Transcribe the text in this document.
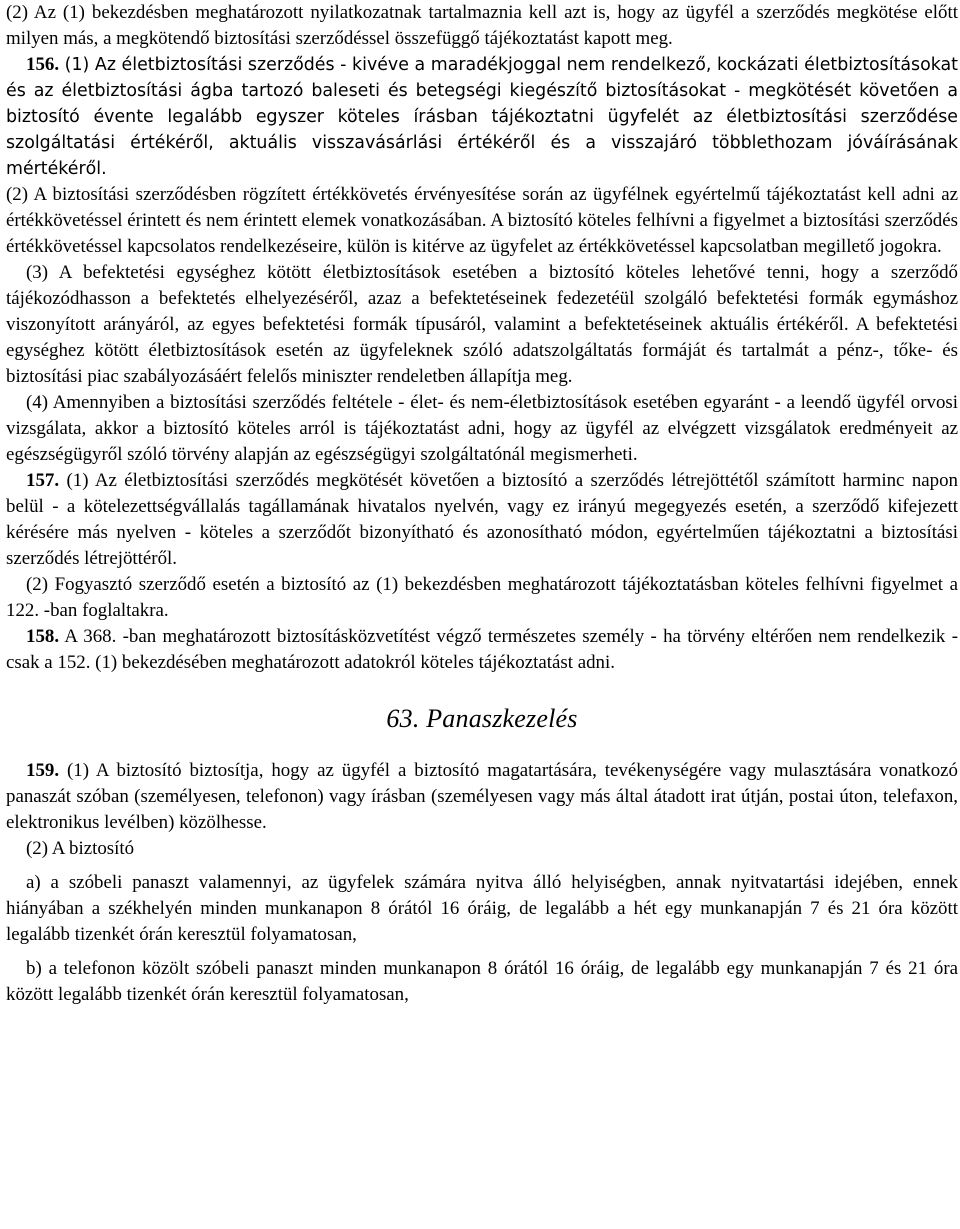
(2) Az (1) bekezdésben meghatározott nyilatkozatnak tartalmaznia kell azt is, hogy az ügyfél a szerződés megkötése előtt milyen más, a megkötendő biztosítási szerződéssel összefüggő tájékoztatást kapott meg.

156. (1) Az életbiztosítási szerződés - kivéve a maradékjoggal nem rendelkező, kockázati életbiztosításokat és az életbiztosítási ágba tartozó baleseti és betegségi kiegészítő biztosításokat - megkötését követően a biztosító évente legalább egyszer köteles írásban tájékoztatni ügyfelét az életbiztosítási szerződése szolgáltatási értékéről, aktuális visszavásárlási értékéről és a visszajáró többlethozam jóváírásának mértékéről.

(2) A biztosítási szerződésben rögzített értékkövetés érvényesítése során az ügyfélnek egyértelmű tájékoztatást kell adni az értékkövetéssel érintett és nem érintett elemek vonatkozásában. A biztosító köteles felhívni a figyelmet a biztosítási szerződés értékkövetéssel kapcsolatos rendelkezéseire, külön is kitérve az ügyfelet az értékkövetéssel kapcsolatban megillető jogokra.

(3) A befektetési egységhez kötött életbiztosítások esetében a biztosító köteles lehetővé tenni, hogy a szerződő tájékozódhasson a befektetés elhelyezéséről, azaz a befektetéseinek fedezetéül szolgáló befektetési formák egymáshoz viszonyított arányáról, az egyes befektetési formák típusáról, valamint a befektetéseinek aktuális értékéről. A befektetési egységhez kötött életbiztosítások esetén az ügyfeleknek szóló adatszolgáltatás formáját és tartalmát a pénz-, tőke- és biztosítási piac szabályozásáért felelős miniszter rendeletben állapítja meg.

(4) Amennyiben a biztosítási szerződés feltétele - élet- és nem-életbiztosítások esetében egyaránt - a leendő ügyfél orvosi vizsgálata, akkor a biztosító köteles arról is tájékoztatást adni, hogy az ügyfél az elvégzett vizsgálatok eredményeit az egészségügyről szóló törvény alapján az egészségügyi szolgáltatónál megismerheti.

157. (1) Az életbiztosítási szerződés megkötését követően a biztosító a szerződés létrejöttétől számított harminc napon belül - a kötelezettségvállalás tagállamának hivatalos nyelvén, vagy ez irányú megegyezés esetén, a szerződő kifejezett kérésére más nyelven - köteles a szerződőt bizonyítható és azonosítható módon, egyértelműen tájékoztatni a biztosítási szerződés létrejöttéről.

(2) Fogyasztó szerződő esetén a biztosító az (1) bekezdésben meghatározott tájékoztatásban köteles felhívni figyelmet a 122. -ban foglaltakra.

158. A 368. -ban meghatározott biztosításközvetítést végző természetes személy - ha törvény eltérően nem rendelkezik - csak a 152. (1) bekezdésében meghatározott adatokról köteles tájékoztatást adni.

63. Panaszkezelés

159. (1) A biztosító biztosítja, hogy az ügyfél a biztosító magatartására, tevékenységére vagy mulasztására vonatkozó panaszát szóban (személyesen, telefonon) vagy írásban (személyesen vagy más által átadott irat útján, postai úton, telefaxon, elektronikus levélben) közölhesse.

(2) A biztosító

a) a szóbeli panaszt valamennyi, az ügyfelek számára nyitva álló helyiségben, annak nyitvatartási idejében, ennek hiányában a székhelyén minden munkanapon 8 órától 16 óráig, de legalább a hét egy munkanapján 7 és 21 óra között legalább tizenkét órán keresztül folyamatosan,

b) a telefonon közölt szóbeli panaszt minden munkanapon 8 órától 16 óráig, de legalább egy munkanapján 7 és 21 óra között legalább tizenkét órán keresztül folyamatosan,
